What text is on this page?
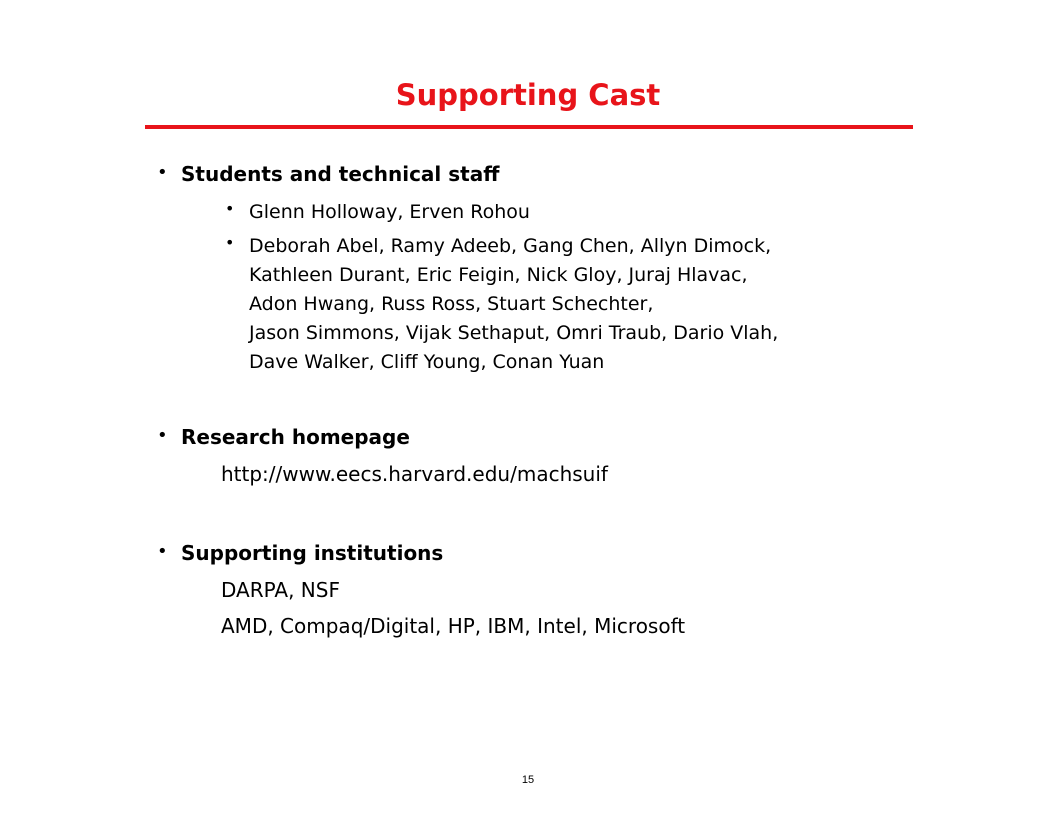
Supporting Cast
• Students and technical staff
• Glenn Holloway, Erven Rohou
• Deborah Abel, Ramy Adeeb, Gang Chen, Allyn Dimock,
Kathleen Durant, Eric Feigin, Nick Gloy, Juraj Hlavac,
Adon Hwang, Russ Ross, Stuart Schechter,
Jason Simmons, Vijak Sethaput, Omri Traub, Dario Vlah,
Dave Walker, Cliff Young, Conan Yuan
• Research homepage
http://www.eecs.harvard.edu/machsuif
• Supporting institutions
DARPA, NSF
AMD, Compaq/Digital, HP, IBM, Intel, Microsoft
15
